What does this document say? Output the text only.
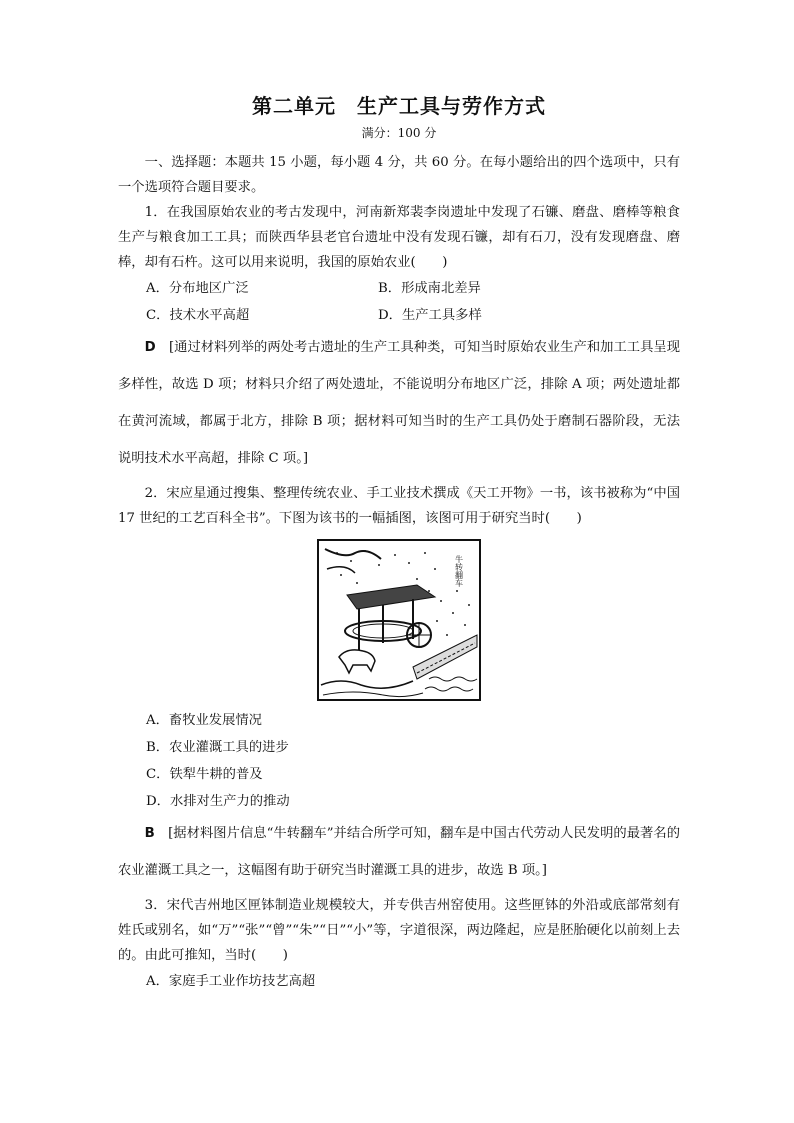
第二单元　生产工具与劳作方式
满分：100 分

一、选择题：本题共 15 小题，每小题 4 分，共 60 分。在每小题给出的四个选项中，只有一个选项符合题目要求。

1．在我国原始农业的考古发现中，河南新郑裴李岗遗址中发现了石镰、磨盘、磨棒等粮食生产与粮食加工工具；而陕西华县老官台遗址中没有发现石镰，却有石刀，没有发现磨盘、磨棒，却有石杵。这可以用来说明，我国的原始农业(　　)

A．分布地区广泛	B．形成南北差异
C．技术水平高超	D．生产工具多样

D　 [通过材料列举的两处考古遗址的生产工具种类，可知当时原始农业生产和加工工具呈现多样性，故选 D 项；材料只介绍了两处遗址，不能说明分布地区广泛，排除 A 项；两处遗址都在黄河流域，都属于北方，排除 B 项；据材料可知当时的生产工具仍处于磨制石器阶段，无法说明技术水平高超，排除 C 项。]

2．宋应星通过搜集、整理传统农业、手工业技术撰成《天工开物》一书，该书被称为“中国 17 世纪的工艺百科全书”。下图为该书的一幅插图，该图可用于研究当时(　　)

牛转翻车
A．畜牧业发展情况
B．农业灌溉工具的进步
C．铁犁牛耕的普及
D．水排对生产力的推动

B　 [据材料图片信息“牛转翻车”并结合所学可知，翻车是中国古代劳动人民发明的最著名的农业灌溉工具之一，这幅图有助于研究当时灌溉工具的进步，故选 B 项。]

3．宋代吉州地区匣钵制造业规模较大，并专供吉州窑使用。这些匣钵的外沿或底部常刻有姓氏或别名，如“万”“张”“曾”“朱”“日”“小”等，字道很深，两边隆起，应是胚胎硬化以前刻上去的。由此可推知，当时(　　)

A．家庭手工业作坊技艺高超
